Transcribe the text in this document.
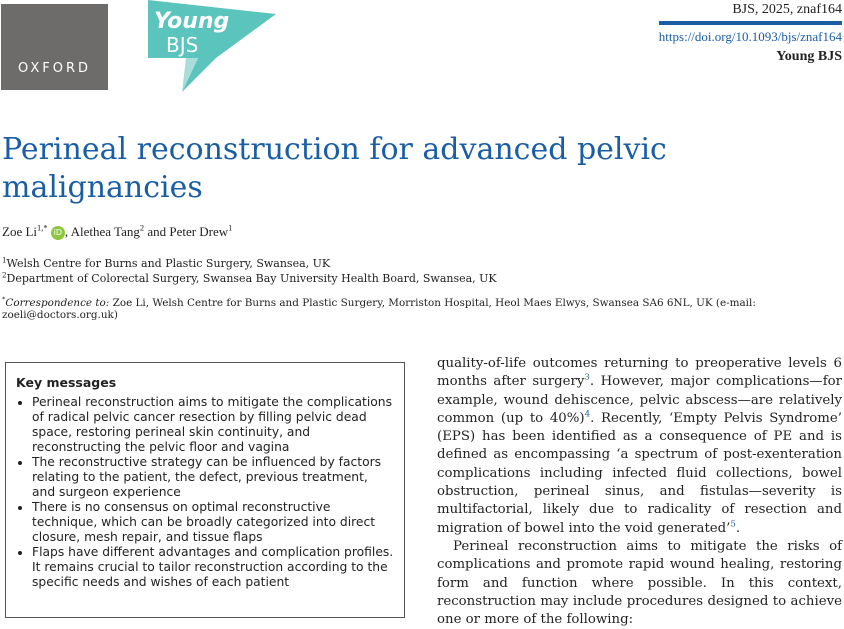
OXFORD
Young
BJS
BJS, 2025, znaf164
https://doi.org/10.1093/bjs/znaf164
Young BJS
Perineal reconstruction for advanced pelvic malignancies
Zoe $Li^{1,*}$ iD , Alethea Tang$^2$ and Peter Drew$^1$
$^1$Welsh Centre for Burns and Plastic Surgery, Swansea, UK
$^2$Department of Colorectal Surgery, Swansea Bay University Health Board, Swansea, UK
*Correspondence to: Zoe Li, Welsh Centre for Burns and Plastic Surgery, Morriston Hospital, Heol Maes Elwys, Swansea SA6 6NL, UK (e-mail: zoeli@doctors.org.uk)
Key messages
• Perineal reconstruction aims to mitigate the complications of radical pelvic cancer resection by filling pelvic dead space, restoring perineal skin continuity, and reconstructing the pelvic floor and vagina
• The reconstructive strategy can be influenced by factors relating to the patient, the defect, previous treatment, and surgeon experience
• There is no consensus on optimal reconstructive technique, which can be broadly categorized into direct closure, mesh repair, and tissue flaps
• Flaps have different advantages and complication profiles. It remains crucial to tailor reconstruction according to the specific needs and wishes of each patient

quality-of-life outcomes returning to preoperative levels 6 months after surgery$^3$. However, major complications—for example, wound dehiscence, pelvic abscess—are relatively common (up to 40%)$^4$. Recently, ‘Empty Pelvis Syndrome’ (EPS) has been identified as a consequence of PE and is defined as encompassing ‘a spectrum of post-exenteration complications including infected fluid collections, bowel obstruction, perineal sinus, and fistulas—severity is multifactorial, likely due to radicality of resection and migration of bowel into the void generated’$^5$.

Perineal reconstruction aims to mitigate the risks of complications and promote rapid wound healing, restoring form and function where possible. In this context, reconstruction may include procedures designed to achieve one or more of the following:
